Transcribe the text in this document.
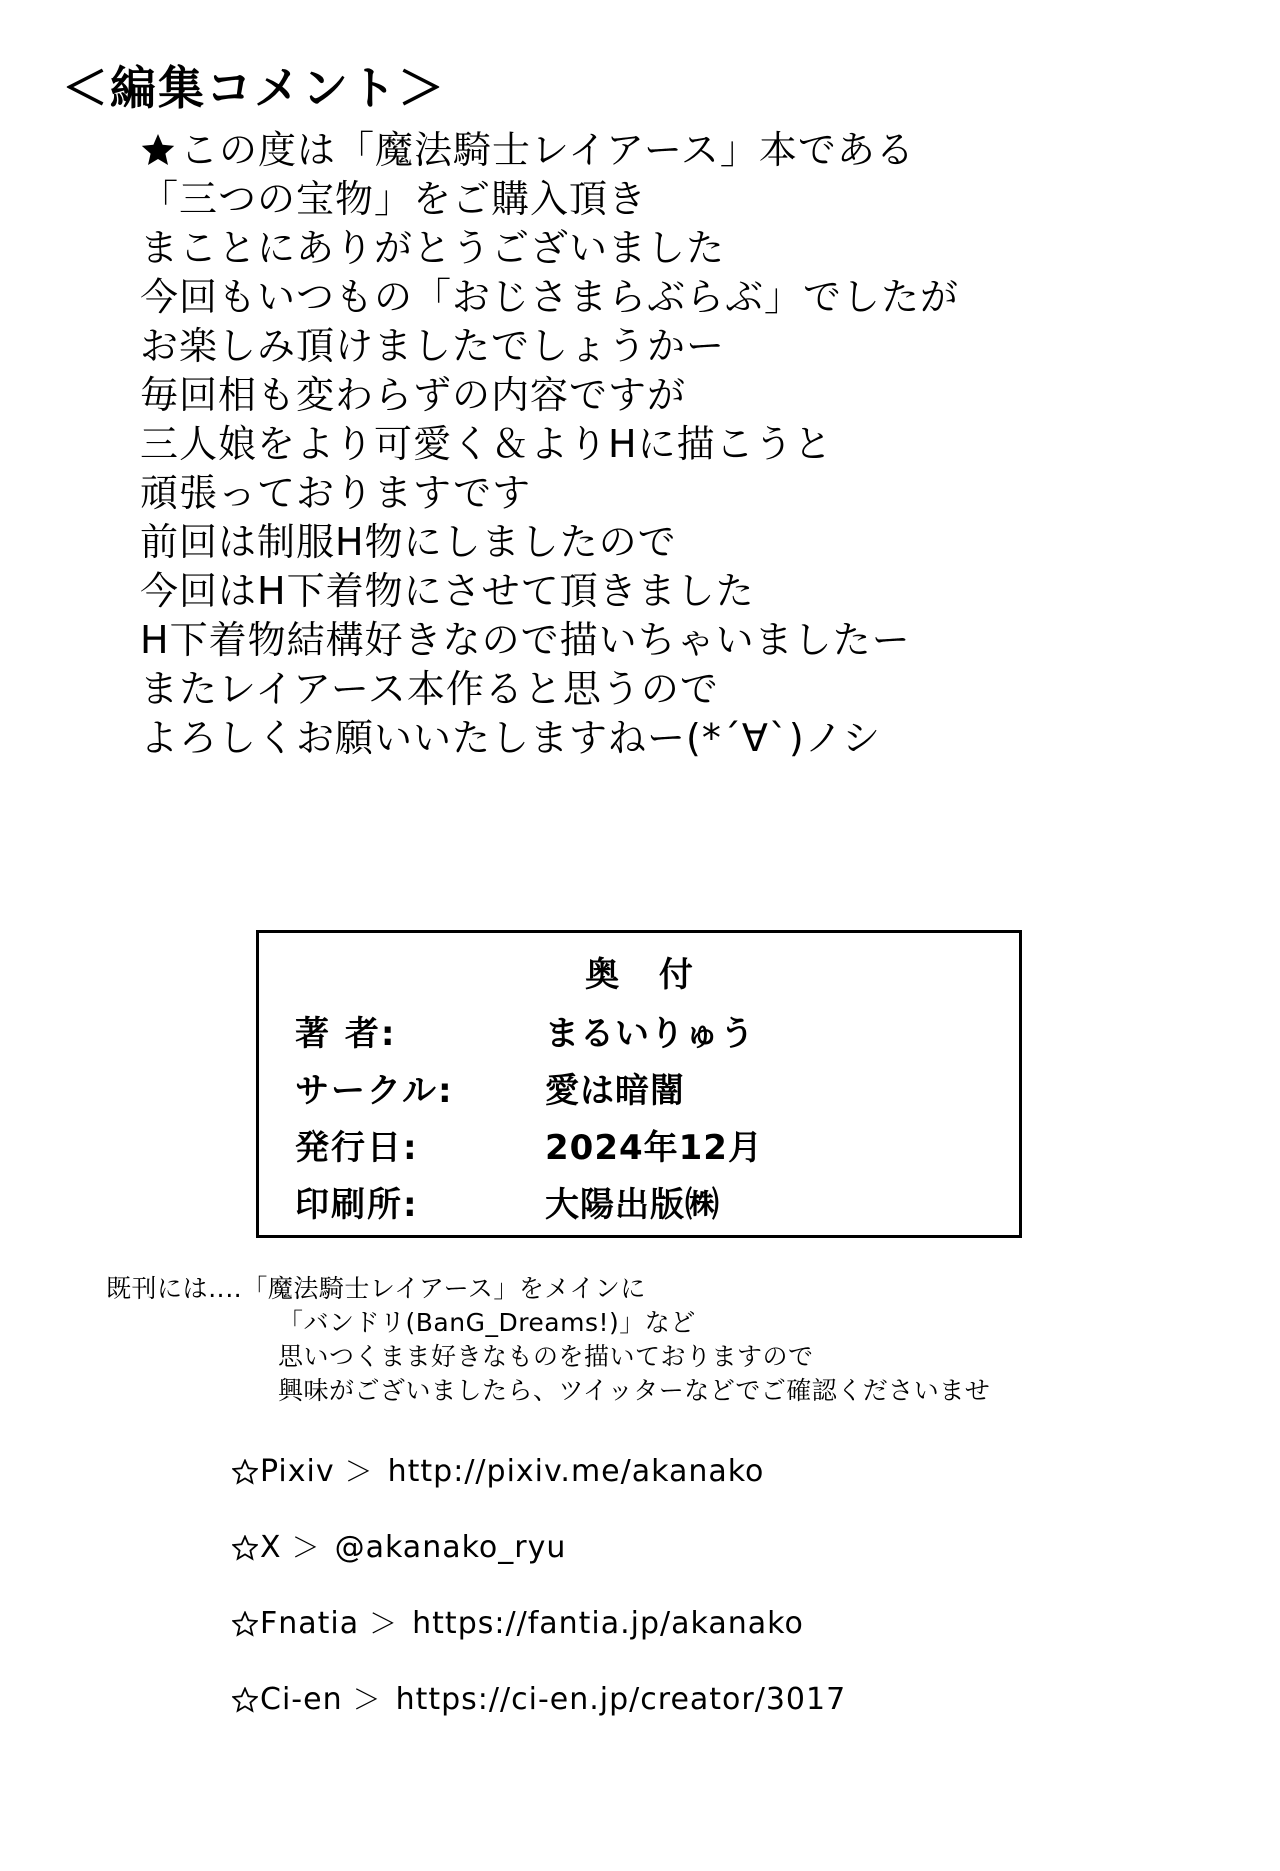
＜編集コメント＞
この度は「魔法騎士レイアース」本である
「三つの宝物」をご購入頂き
まことにありがとうございました
今回もいつもの「おじさまらぶらぶ」でしたが
お楽しみ頂けましたでしょうかー
毎回相も変わらずの内容ですが
三人娘をより可愛く＆よりHに描こうと
頑張っておりますです
前回は制服H物にしましたので
今回はH下着物にさせて頂きました
H下着物結構好きなので描いちゃいましたー
またレイアース本作ると思うので
よろしくお願いいたしますねー(*´∀`)ノシ
奥 付
著 者:	まるいりゅう
サークル:	愛は暗闇
発行日:	2024年12月
印刷所:	大陽出版㈱
既刊には‥‥「魔法騎士レイアース」をメインに
「バンドリ(BanG_Dreams!)」など
思いつくまま好きなものを描いておりますので
興味がございましたら、ツイッターなどでご確認くださいませ
Pixiv ＞ http://pixiv.me/akanako
X ＞ @akanako_ryu
Fnatia ＞ https://fantia.jp/akanako
Ci-en ＞ https://ci-en.jp/creator/3017
